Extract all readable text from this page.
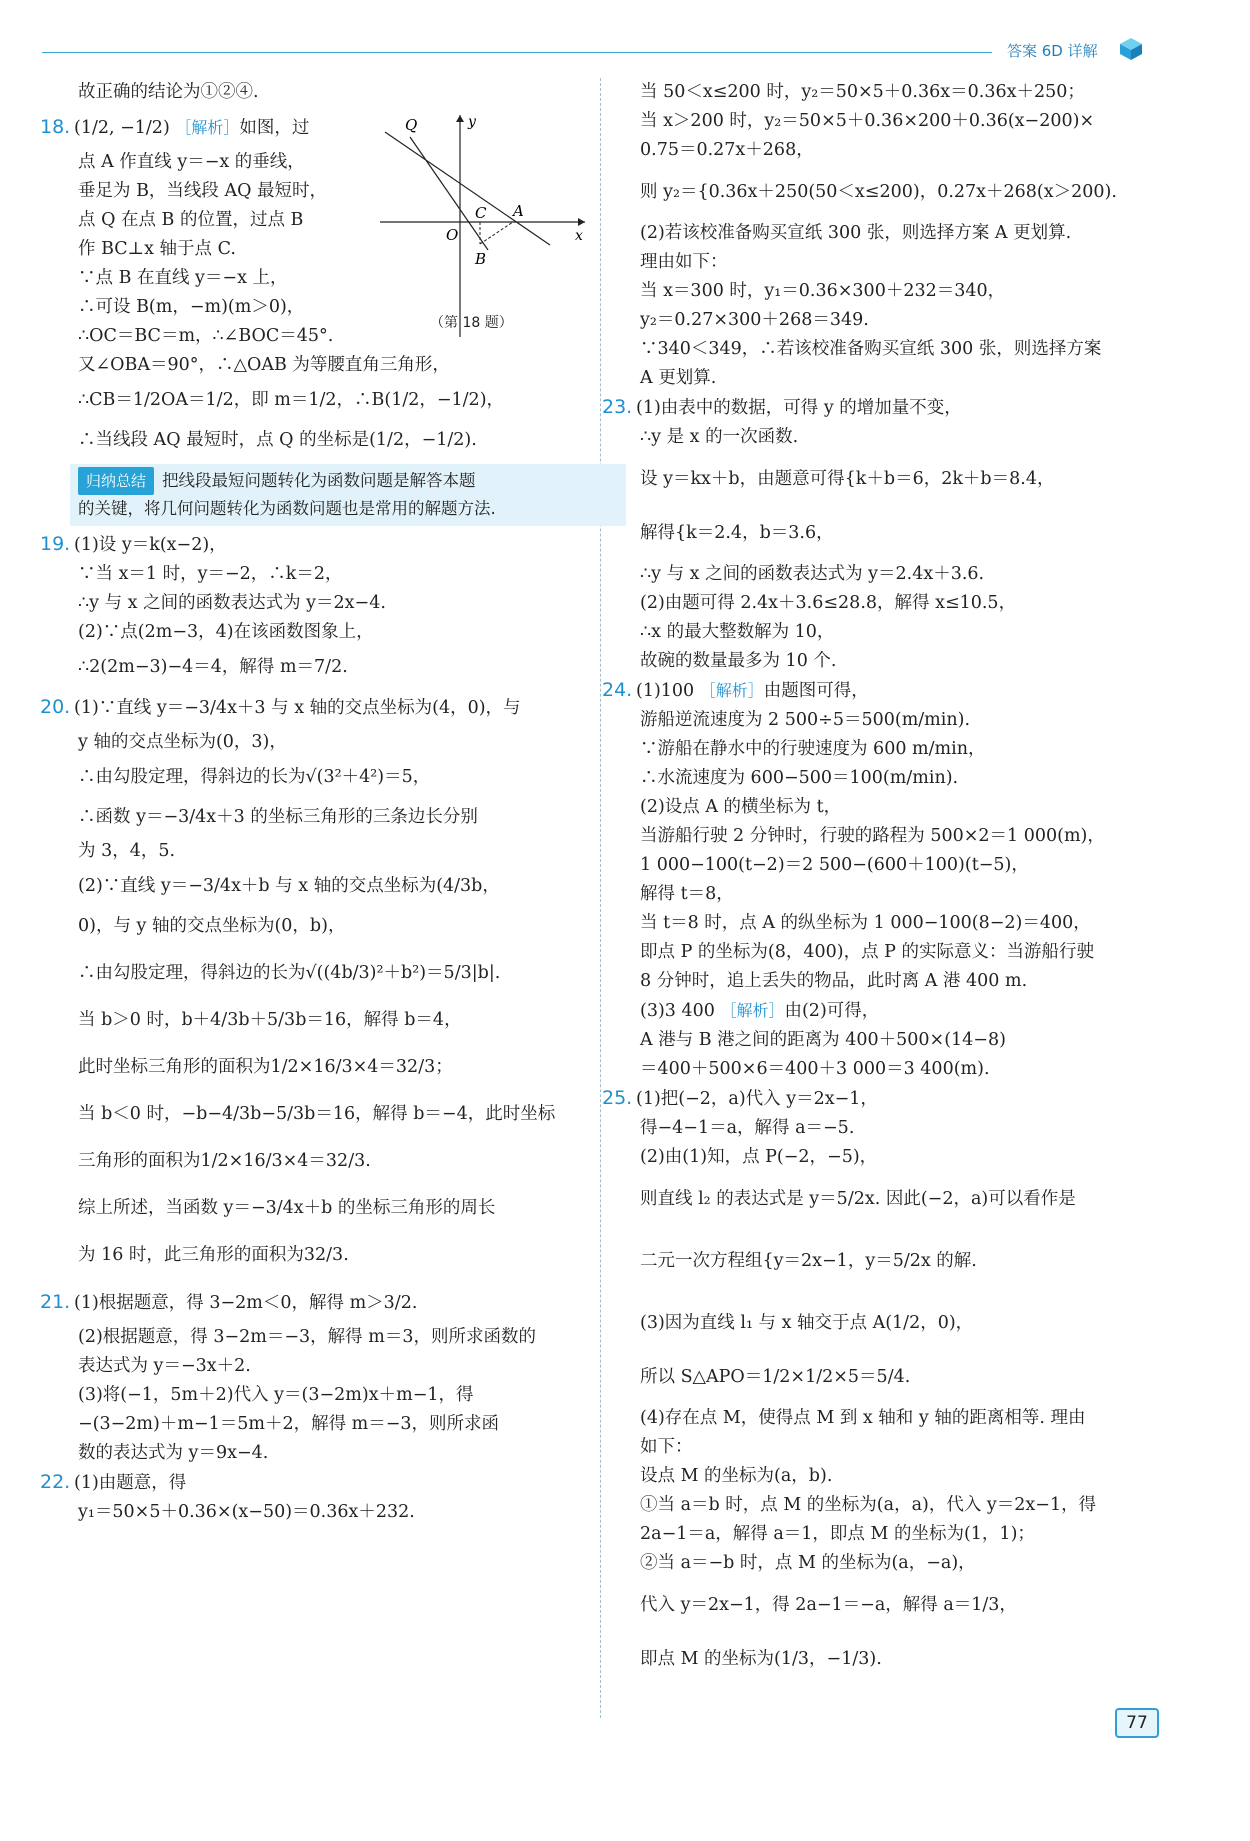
答案 6D 详解
故正确的结论为①②④.
18. (1/2, −1/2) ［解析］如图，过
点 A 作直线 y＝−x 的垂线，
垂足为 B，当线段 AQ 最短时，
点 Q 在点 B 的位置，过点 B
作 BC⊥x 轴于点 C.
∵点 B 在直线 y＝−x 上，
∴可设 B(m，−m)(m＞0)，
∴OC＝BC＝m，∴∠BOC＝45°.
又∠OBA＝90°，∴△OAB 为等腰直角三角形，
∴CB＝1/2OA＝1/2，即 m＝1/2，∴B(1/2，−1/2)，
∴当线段 AQ 最短时，点 Q 的坐标是(1/2，−1/2).
归纳总结 把线段最短问题转化为函数问题是解答本题
的关键，将几何问题转化为函数问题也是常用的解题方法.
19. (1)设 y＝k(x−2)，
∵当 x＝1 时，y＝−2，∴k＝2，
∴y 与 x 之间的函数表达式为 y＝2x−4.
(2)∵点(2m−3，4)在该函数图象上，
∴2(2m−3)−4＝4，解得 m＝7/2.
20. (1)∵直线 y＝−3/4x＋3 与 x 轴的交点坐标为(4，0)，与
y 轴的交点坐标为(0，3)，
∴由勾股定理，得斜边的长为√(3²＋4²)＝5，
∴函数 y＝−3/4x＋3 的坐标三角形的三条边长分别
为 3，4，5.
(2)∵直线 y＝−3/4x＋b 与 x 轴的交点坐标为(4/3b，
0)，与 y 轴的交点坐标为(0，b)，
∴由勾股定理，得斜边的长为√((4b/3)²＋b²)＝5/3|b|.
当 b＞0 时，b＋4/3b＋5/3b＝16，解得 b＝4，
此时坐标三角形的面积为1/2×16/3×4＝32/3；
当 b＜0 时，−b−4/3b−5/3b＝16，解得 b＝−4，此时坐标
三角形的面积为1/2×16/3×4＝32/3.
综上所述，当函数 y＝−3/4x＋b 的坐标三角形的周长
为 16 时，此三角形的面积为32/3.
21. (1)根据题意，得 3−2m＜0，解得 m＞3/2.
(2)根据题意，得 3−2m＝−3，解得 m＝3，则所求函数的
表达式为 y＝−3x＋2.
(3)将(−1，5m＋2)代入 y＝(3−2m)x＋m−1，得
−(3−2m)＋m−1＝5m＋2，解得 m＝−3，则所求函
数的表达式为 y＝9x−4.
22. (1)由题意，得
y₁＝50×5＋0.36×(x−50)＝0.36x＋232.
y
x
Q
O
C A
B
（第 18 题）
当 50＜x≤200 时，y₂＝50×5＋0.36x＝0.36x＋250；
当 x＞200 时，y₂＝50×5＋0.36×200＋0.36(x−200)×
0.75＝0.27x＋268，
则 y₂＝{0.36x＋250(50＜x≤200)，0.27x＋268(x＞200).
(2)若该校准备购买宣纸 300 张，则选择方案 A 更划算.
理由如下：
当 x＝300 时，y₁＝0.36×300＋232＝340，
y₂＝0.27×300＋268＝349.
∵340＜349，∴若该校准备购买宣纸 300 张，则选择方案
A 更划算.
23. (1)由表中的数据，可得 y 的增加量不变，
∴y 是 x 的一次函数.
设 y＝kx＋b，由题意可得{k＋b＝6，2k＋b＝8.4，
解得{k＝2.4，b＝3.6，
∴y 与 x 之间的函数表达式为 y＝2.4x＋3.6.
(2)由题可得 2.4x＋3.6≤28.8，解得 x≤10.5，
∴x 的最大整数解为 10，
故碗的数量最多为 10 个.
24. (1)100 ［解析］由题图可得，
游船逆流速度为 2 500÷5＝500(m/min).
∵游船在静水中的行驶速度为 600 m/min，
∴水流速度为 600−500＝100(m/min).
(2)设点 A 的横坐标为 t，
当游船行驶 2 分钟时，行驶的路程为 500×2＝1 000(m)，
1 000−100(t−2)＝2 500−(600＋100)(t−5)，
解得 t＝8，
当 t＝8 时，点 A 的纵坐标为 1 000−100(8−2)＝400，
即点 P 的坐标为(8，400)，点 P 的实际意义：当游船行驶
8 分钟时，追上丢失的物品，此时离 A 港 400 m.
(3)3 400 ［解析］由(2)可得，
A 港与 B 港之间的距离为 400＋500×(14−8)
＝400＋500×6＝400＋3 000＝3 400(m).
25. (1)把(−2，a)代入 y＝2x−1，
得−4−1＝a，解得 a＝−5.
(2)由(1)知，点 P(−2，−5)，
则直线 l₂ 的表达式是 y＝5/2x. 因此(−2，a)可以看作是
二元一次方程组{y＝2x−1，y＝5/2x 的解.
(3)因为直线 l₁ 与 x 轴交于点 A(1/2，0)，
所以 S△APO＝1/2×1/2×5＝5/4.
(4)存在点 M，使得点 M 到 x 轴和 y 轴的距离相等. 理由
如下：
设点 M 的坐标为(a，b).
①当 a＝b 时，点 M 的坐标为(a，a)，代入 y＝2x−1，得
2a−1＝a，解得 a＝1，即点 M 的坐标为(1，1)；
②当 a＝−b 时，点 M 的坐标为(a，−a)，
代入 y＝2x−1，得 2a−1＝−a，解得 a＝1/3，
即点 M 的坐标为(1/3，−1/3).
77
